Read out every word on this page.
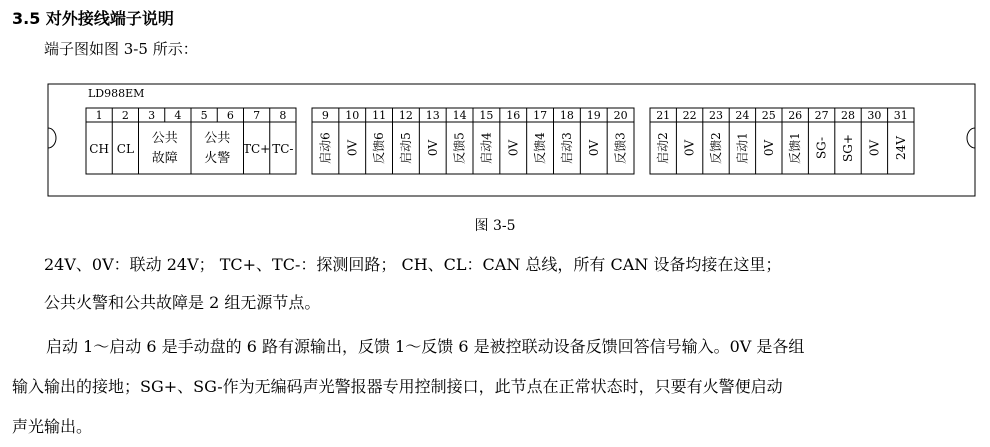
3.5 对外接线端子说明
端子图如图 3-5 所示：
LD988EM
1 2 3 4 5 6 7 8
CH CL
公共
故障
公共
火警
TC+ TC-
9 10 11 12 13 14 15 16 17 18 19 20
启动6 0V 反馈6 启动5 0V 反馈5 启动4 0V 反馈4 启动3 0V 反馈3
21 22 23 24 25 26 27 28 30 31
启动2 0V 反馈2 启动1 0V 反馈1 SG- SG+ 0V 24V
图 3-5
24V、0V：联动 24V； TC+、TC-：探测回路； CH、CL：CAN 总线，所有 CAN 设备均接在这里；
公共火警和公共故障是 2 组无源节点。
启动 1～启动 6 是手动盘的 6 路有源输出，反馈 1～反馈 6 是被控联动设备反馈回答信号输入。0V 是各组
输入输出的接地；SG+、SG-作为无编码声光警报器专用控制接口，此节点在正常状态时，只要有火警便启动
声光输出。
